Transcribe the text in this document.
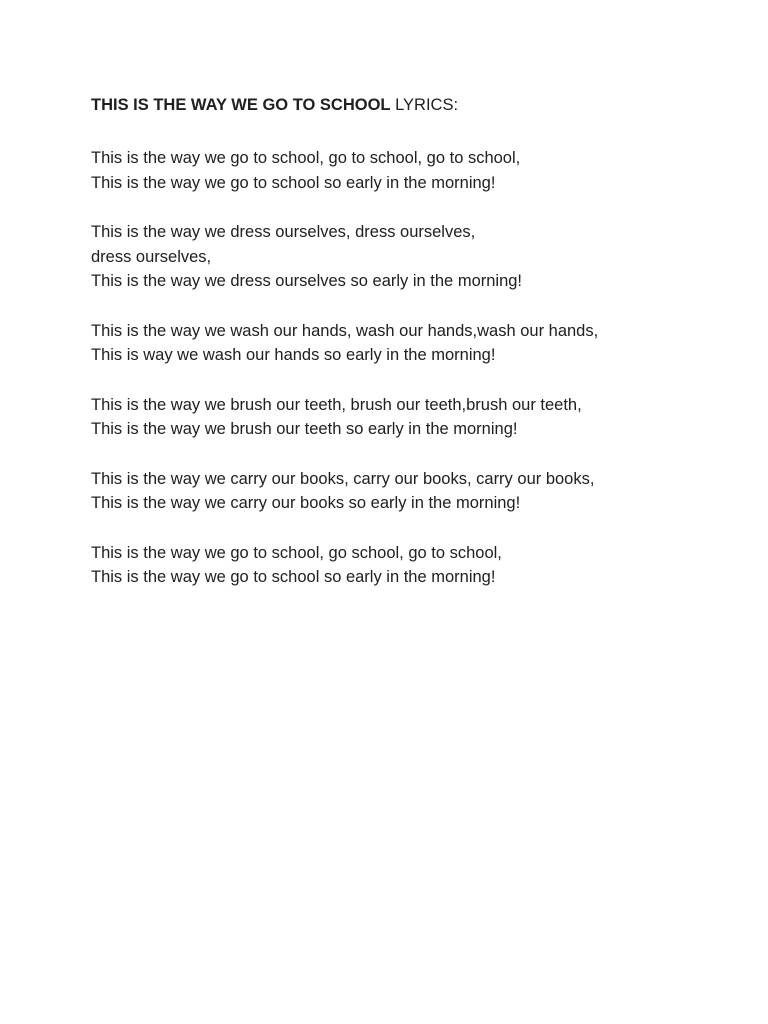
THIS IS THE WAY WE GO TO SCHOOL LYRICS:

This is the way we go to school, go to school, go to school,
This is the way we go to school so early in the morning!

This is the way we dress ourselves, dress ourselves,
dress ourselves,
This is the way we dress ourselves so early in the morning!

This is the way we wash our hands, wash our hands,wash our hands,
This is way we wash our hands so early in the morning!

This is the way we brush our teeth, brush our teeth,brush our teeth,
This is the way we brush our teeth so early in the morning!

This is the way we carry our books, carry our books, carry our books,
This is the way we carry our books so early in the morning!

This is the way we go to school, go school, go to school,
This is the way we go to school so early in the morning!
